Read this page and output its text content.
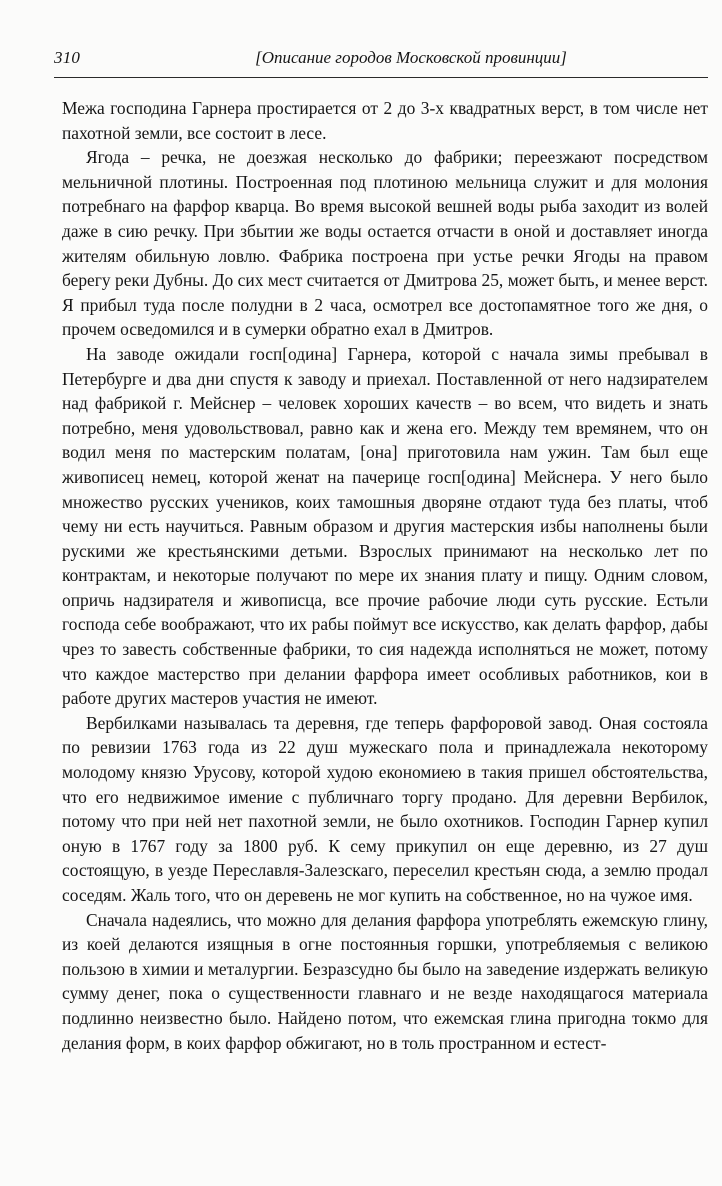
310	[Описание городов Московской провинции]

Межа господина Гарнера простирается от 2 до 3-х квадратных верст, в том числе нет пахотной земли, все состоит в лесе.

Ягода – речка, не доезжая несколько до фабрики; переезжают посредством мельничной плотины. Построенная под плотиною мельница служит и для молония потребнаго на фарфор кварца. Во время высокой вешней воды рыба заходит из волей даже в сию речку. При збытии же воды остается отчасти в оной и доставляет иногда жителям обильную ловлю. Фабрика построена при устье речки Ягоды на правом берегу реки Дубны. До сих мест считается от Дмитрова 25, может быть, и менее верст. Я прибыл туда после полудни в 2 часа, осмотрел все достопамятное того же дня, о прочем осведомился и в сумерки обратно ехал в Дмитров.

На заводе ожидали госп[одина] Гарнера, которой с начала зимы пребывал в Петербурге и два дни спустя к заводу и приехал. Поставленной от него надзирателем над фабрикой г. Мейснер – человек хороших качеств – во всем, что видеть и знать потребно, меня удовольствовал, равно как и жена его. Между тем времянем, что он водил меня по мастерским полатам, [она] приготовила нам ужин. Там был еще живописец немец, которой женат на пачерице госп[одина] Мейснера. У него было множество русских учеников, коих тамошныя дворяне отдают туда без платы, чтоб чему ни есть научиться. Равным образом и другия мастерския избы наполнены были рускими же крестьянскими детьми. Взрослых принимают на несколько лет по контрактам, и некоторые получают по мере их знания плату и пищу. Одним словом, опричь надзирателя и живописца, все прочие рабочие люди суть русские. Естьли господа себе воображают, что их рабы поймут все искусство, как делать фарфор, дабы чрез то завесть собственные фабрики, то сия надежда исполняться не может, потому что каждое мастерство при делании фарфора имеет особливых работников, кои в работе других мастеров участия не имеют.

Вербилками называлась та деревня, где теперь фарфоровой завод. Оная состояла по ревизии 1763 года из 22 душ мужескаго пола и принадлежала некоторому молодому князю Урусову, которой худою економиею в такия пришел обстоятельства, что его недвижимое имение с публичнаго торгу продано. Для деревни Вербилок, потому что при ней нет пахотной земли, не было охотников. Господин Гарнер купил оную в 1767 году за 1800 руб. К сему прикупил он еще деревню, из 27 душ состоящую, в уезде Переславля-Залезскаго, переселил крестьян сюда, а землю продал соседям. Жаль того, что он деревень не мог купить на собственное, но на чужое имя.

Сначала надеялись, что можно для делания фарфора употреблять ежемскую глину, из коей делаются изящныя в огне постоянныя горшки, употребляемыя с великою пользою в химии и металургии. Безразсудно бы было на заведение издержать великую сумму денег, пока о существенности главнаго и не везде находящагося материала подлинно неизвестно было. Найдено потом, что ежемская глина пригодна токмо для делания форм, в коих фарфор обжигают, но в толь пространном и естест-
